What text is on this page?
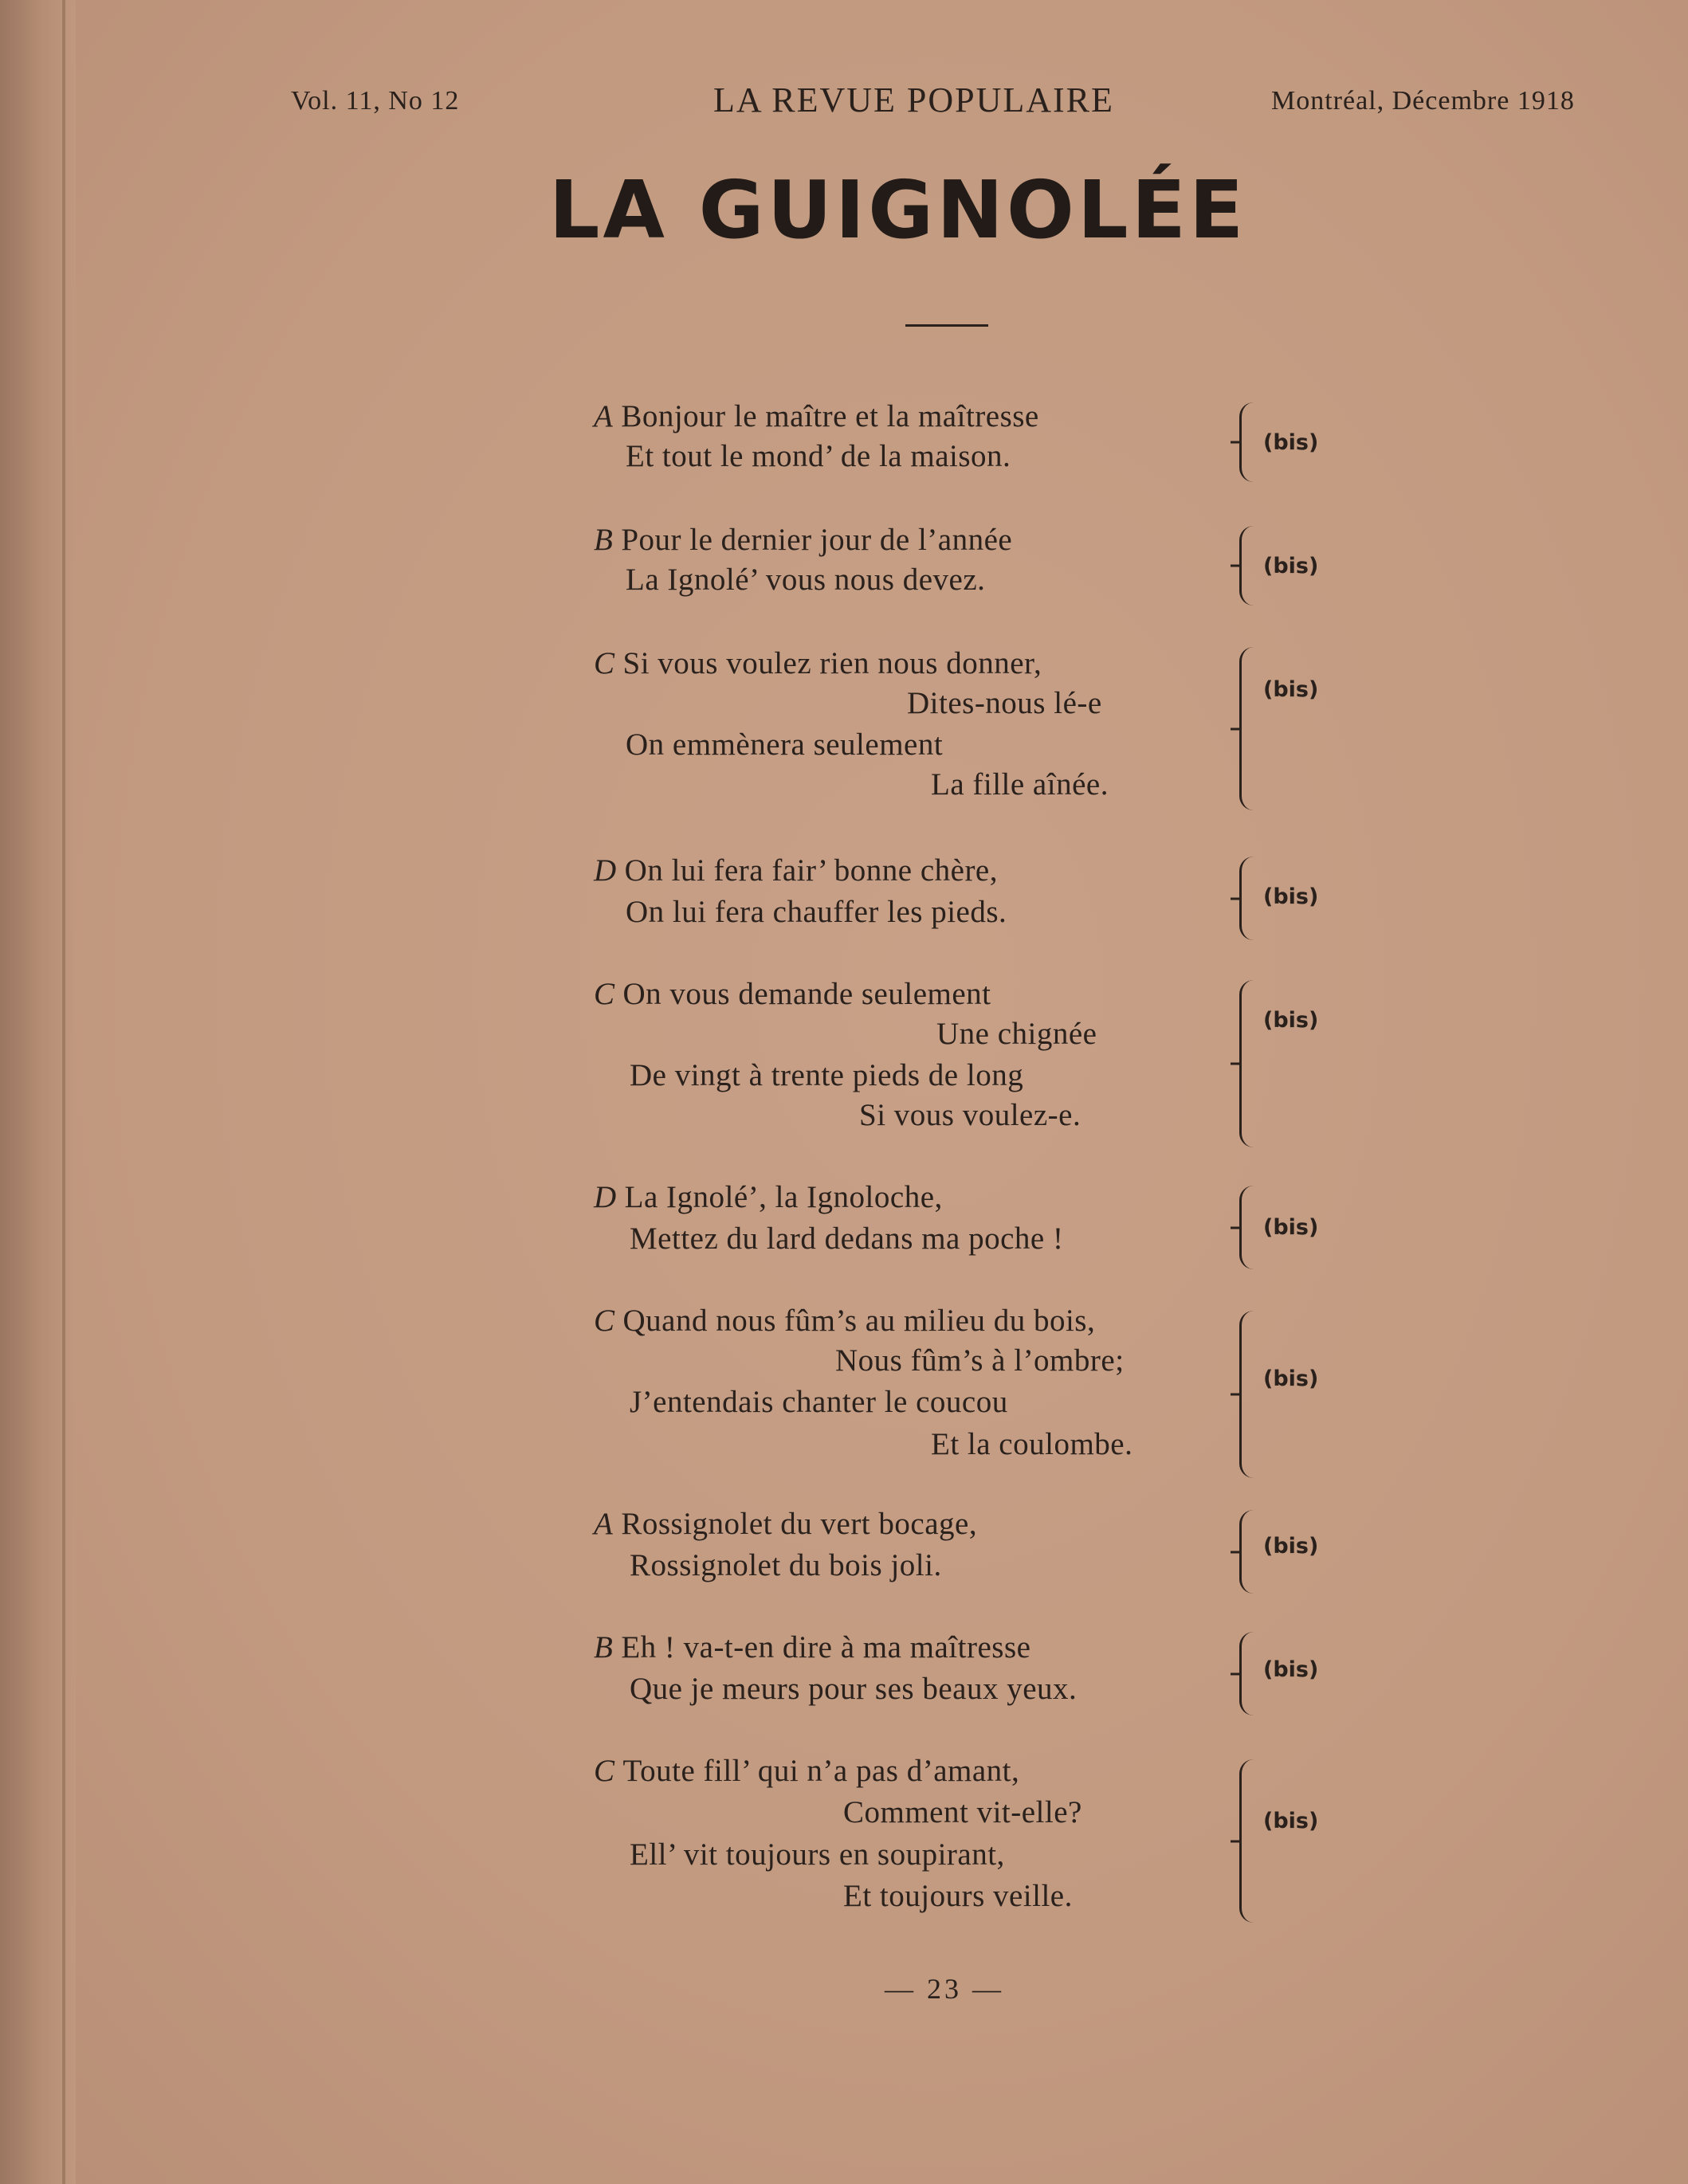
Vol. 11, No 12	LA REVUE POPULAIRE	Montréal, Décembre 1918
LA GUIGNOLÉE
A Bonjour le maître et la maîtresse
Et tout le mond’ de la maison.	(bis)
B Pour le dernier jour de l’année
La Ignolé’ vous nous devez.	(bis)
C Si vous voulez rien nous donner,
Dites-nous lé-e
On emmènera seulement
La fille aînée.
(bis)
D On lui fera fair’ bonne chère,
On lui fera chauffer les pieds.	(bis)
C On vous demande seulement
Une chignée
De vingt à trente pieds de long
Si vous voulez-e.
(bis)
D La Ignolé’, la Ignoloche,
Mettez du lard dedans ma poche !	(bis)
C Quand nous fûm’s au milieu du bois,
Nous fûm’s à l’ombre;
J’entendais chanter le coucou
Et la coulombe.
(bis)
A Rossignolet du vert bocage,
Rossignolet du bois joli.
(bis)
B Eh ! va-t-en dire à ma maîtresse
Que je meurs pour ses beaux yeux.
(bis)
C Toute fill’ qui n’a pas d’amant,
Comment vit-elle?
Ell’ vit toujours en soupirant,
Et toujours veille.
(bis)
— 23 —
